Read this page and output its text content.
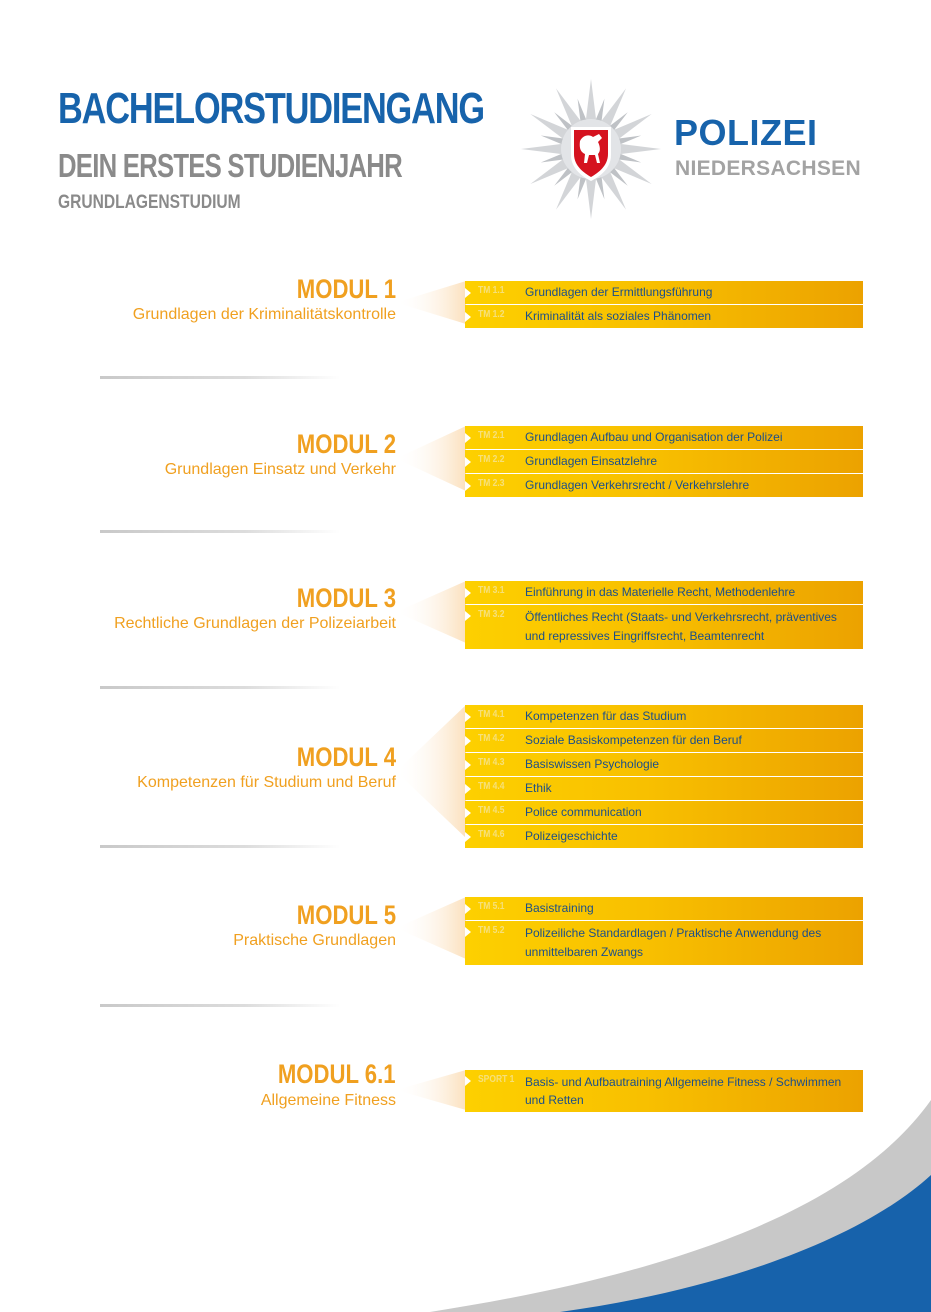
BACHELORSTUDIENGANG
DEIN ERSTES STUDIENJAHR
GRUNDLAGENSTUDIUM
POLIZEI
NIEDERSACHSEN
MODUL 1
Grundlagen der Kriminalitätskontrolle
TM 1.1	Grundlagen der Ermittlungsführung
TM 1.2	Kriminalität als soziales Phänomen
MODUL 2
Grundlagen Einsatz und Verkehr
TM 2.1	Grundlagen Aufbau und Organisation der Polizei
TM 2.2	Grundlagen Einsatzlehre
TM 2.3	Grundlagen Verkehrsrecht / Verkehrslehre
MODUL 3
Rechtliche Grundlagen der Polizeiarbeit
TM 3.1	Einführung in das Materielle Recht, Methodenlehre
TM 3.2	Öffentliches Recht (Staats- und Verkehrsrecht, präventives und repressives Eingriffsrecht, Beamtenrecht
MODUL 4
Kompetenzen für Studium und Beruf
TM 4.1	Kompetenzen für das Studium
TM 4.2	Soziale Basiskompetenzen für den Beruf
TM 4.3	Basiswissen Psychologie
TM 4.4	Ethik
TM 4.5	Police communication
TM 4.6	Polizeigeschichte
MODUL 5
Praktische Grundlagen
TM 5.1	Basistraining
TM 5.2	Polizeiliche Standardlagen / Praktische Anwendung des unmittelbaren Zwangs
MODUL 6.1
Allgemeine Fitness
SPORT 1 Basis- und Aufbautraining Allgemeine Fitness / Schwimmen und Retten
